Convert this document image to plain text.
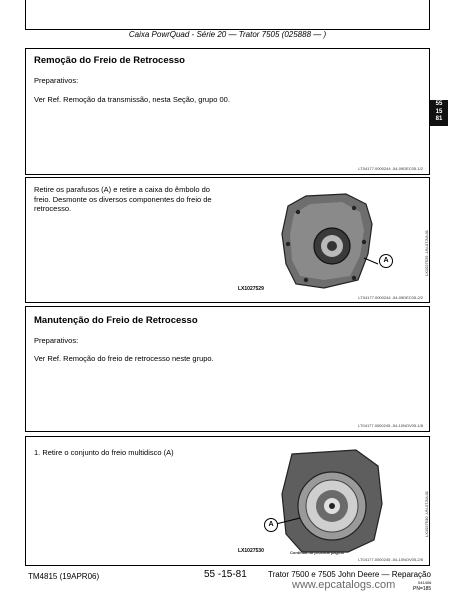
Caixa PowrQuad - Série 20 — Trator 7505 (025888 — )
55
15
81
Remoção do Freio de Retrocesso
Preparativos:
Ver Ref. Remoção da transmissão, nesta Seção, grupo 00.
LT04177.0000244 -54-09DEC05-1/2
Retire os parafusos (A) e retire a caixa do êmbolo do freio. Desmonte os diversos componentes do freio de retrocesso.
A
LX1027529
LX1027529 -UN-07JUL01
LT04177.0000244 -54-09DEC05-2/2
Manutenção do Freio de Retrocesso
Preparativos:
Ver Ref. Remoção do freio de retrocesso neste grupo.
LT04177.0000245 -54-10NOV05-1/8
1. Retire o conjunto do freio multidisco (A)
A
LX1027530
LX1027530 -UN-07JUL01
Continua na próxima página
LT04177.0000245 -54-10NOV05-2/8
TM4815 (19APR06)	55 -15-81	Trator 7500 e 7505 John Deere — Reparação
041406
PN=185
www.epcatalogs.com
